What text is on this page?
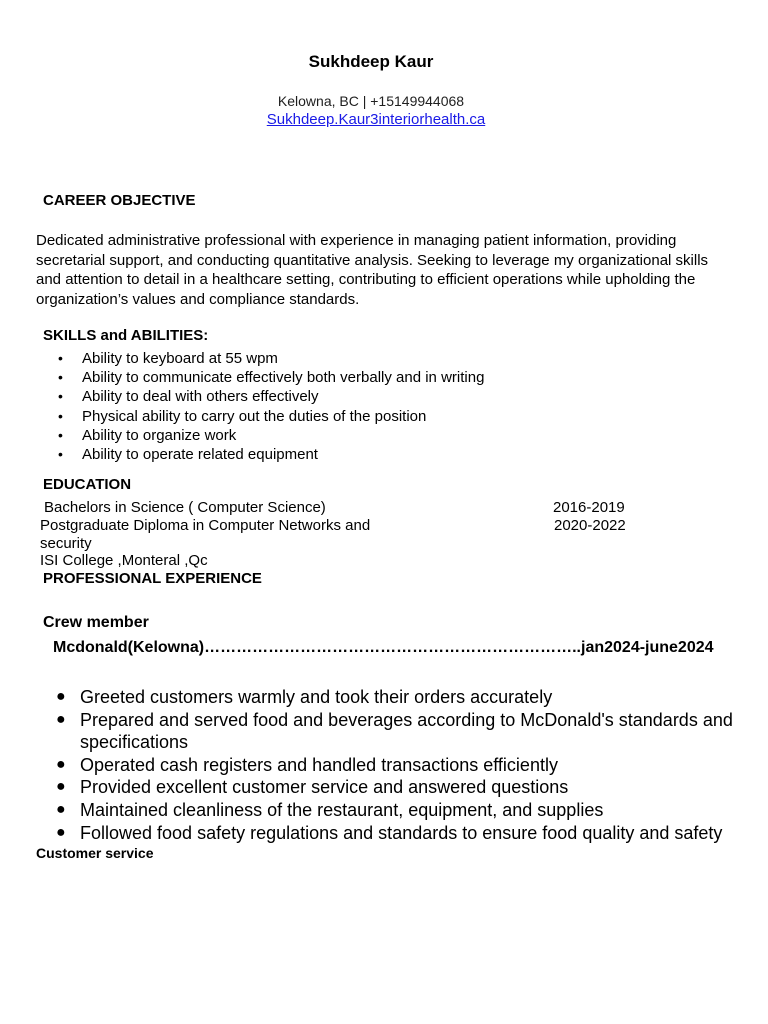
Sukhdeep Kaur
Kelowna, BC | +15149944068
Sukhdeep.Kaur3interiorhealth.ca
CAREER OBJECTIVE
Dedicated administrative professional with experience in managing patient information, providing secretarial support, and conducting quantitative analysis. Seeking to leverage my organizational skills and attention to detail in a healthcare setting, contributing to efficient operations while upholding the organization’s values and compliance standards.
SKILLS and ABILITIES:
• Ability to keyboard at 55 wpm
• Ability to communicate effectively both verbally and in writing
• Ability to deal with others effectively
• Physical ability to carry out the duties of the position
• Ability to organize work
• Ability to operate related equipment
EDUCATION
Bachelors in Science ( Computer Science)	2016-2019
Postgraduate Diploma in Computer Networks and	2020-2022
security
ISI College ,Monteral ,Qc
PROFESSIONAL EXPERIENCE
Crew member
Mcdonald(Kelowna)……………………………………………………………..jan2024-june2024
● Greeted customers warmly and took their orders accurately
● Prepared and served food and beverages according to McDonald's standards and specifications
● Operated cash registers and handled transactions efficiently
● Provided excellent customer service and answered questions
● Maintained cleanliness of the restaurant, equipment, and supplies
● Followed food safety regulations and standards to ensure food quality and safety
Customer service
